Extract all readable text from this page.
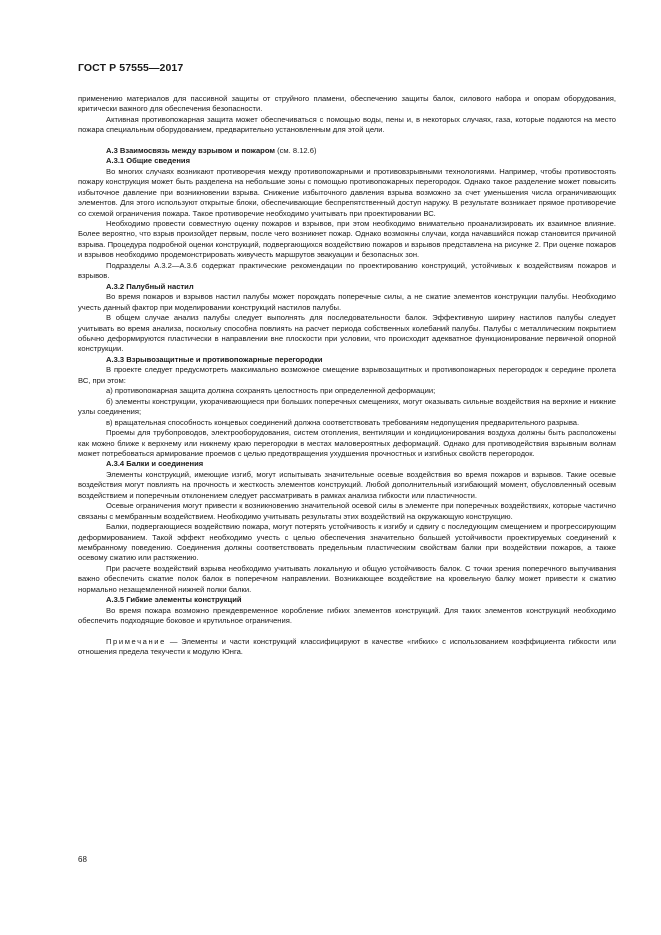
ГОСТ Р 57555—2017

применению материалов для пассивной защиты от струйного пламени, обеспечению защиты балок, силового набора и опорам оборудования, критически важного для обеспечения безопасности.

Активная противопожарная защита может обеспечиваться с помощью воды, пены и, в некоторых случаях, газа, которые подаются на место пожара специальным оборудованием, предварительно установленным для этой цели.

А.3 Взаимосвязь между взрывом и пожаром (см. 8.12.6)

А.3.1 Общие сведения

Во многих случаях возникают противоречия между противопожарными и противовзрывными технологиями. Например, чтобы противостоять пожару конструкция может быть разделена на небольшие зоны с помощью противопожарных перегородок. Однако такое разделение может повысить избыточное давление при возникновении взрыва. Снижение избыточного давления взрыва возможно за счет уменьшения числа ограничивающих элементов. Для этого используют открытые блоки, обеспечивающие беспрепятственный доступ наружу. В результате возникает прямое противоречие со схемой ограничения пожара. Такое противоречие необходимо учитывать при проектировании ВС.

Необходимо провести совместную оценку пожаров и взрывов, при этом необходимо внимательно проанализировать их взаимное влияние. Более вероятно, что взрыв произойдет первым, после чего возникнет пожар. Однако возможны случаи, когда начавшийся пожар становится причиной взрыва. Процедура подробной оценки конструкций, подвергающихся воздействию пожаров и взрывов представлена на рисунке 2. При оценке пожаров и взрывов необходимо продемонстрировать живучесть маршрутов эвакуации и безопасных зон.

Подразделы А.3.2—А.3.6 содержат практические рекомендации по проектированию конструкций, устойчивых к воздействиям пожаров и взрывов.

А.3.2 Палубный настил

Во время пожаров и взрывов настил палубы может порождать поперечные силы, а не сжатие элементов конструкции палубы. Необходимо учесть данный фактор при моделировании конструкций настилов палубы.

В общем случае анализ палубы следует выполнять для последовательности балок. Эффективную ширину настилов палубы следует учитывать во время анализа, поскольку способна повлиять на расчет периода собственных колебаний палубы. Палубы с металлическим покрытием обычно деформируются пластически в направлении вне плоскости при условии, что происходит адекватное функционирование первичной опорной конструкции.

А.3.3 Взрывозащитные и противопожарные перегородки

В проекте следует предусмотреть максимально возможное смещение взрывозащитных и противопожарных перегородок к середине пролета ВС, при этом:

а) противопожарная защита должна сохранять целостность при определенной деформации;

б) элементы конструкции, укорачивающиеся при больших поперечных смещениях, могут оказывать сильные воздействия на верхние и нижние узлы соединения;

в) вращательная способность концевых соединений должна соответствовать требованиям недопущения предварительного разрыва.

Проемы для трубопроводов, электрооборудования, систем отопления, вентиляции и кондиционирования воздуха должны быть расположены как можно ближе к верхнему или нижнему краю перегородки в местах маловероятных деформаций. Однако для противодействия взрывным волнам может потребоваться армирование проемов с целью предотвращения ухудшения прочностных и изгибных свойств перегородок.

А.3.4 Балки и соединения

Элементы конструкций, имеющие изгиб, могут испытывать значительные осевые воздействия во время пожаров и взрывов. Такие осевые воздействия могут повлиять на прочность и жесткость элементов конструкций. Любой дополнительный изгибающий момент, обусловленный осевым воздействием и поперечным отклонением следует рассматривать в рамках анализа гибкости или пластичности.

Осевые ограничения могут привести к возникновению значительной осевой силы в элементе при поперечных воздействиях, которые частично связаны с мембранным воздействием. Необходимо учитывать результаты этих воздействий на окружающую конструкцию.

Балки, подвергающиеся воздействию пожара, могут потерять устойчивость к изгибу и сдвигу с последующим смещением и прогрессирующим деформированием. Такой эффект необходимо учесть с целью обеспечения значительно большей устойчивости проектируемых соединений к мембранному поведению. Соединения должны соответствовать предельным пластическим свойствам балки при воздействии пожаров, а также осевому сжатию или растяжению.

При расчете воздействий взрыва необходимо учитывать локальную и общую устойчивость балок. С точки зрения поперечного выпучивания важно обеспечить сжатие полок балок в поперечном направлении. Возникающее воздействие на кровельную балку может привести к сжатию нормально незащемленной нижней полки балки.

А.3.5 Гибкие элементы конструкций

Во время пожара возможно преждевременное коробление гибких элементов конструкций. Для таких элементов конструкций необходимо обеспечить подходящие боковое и крутильное ограничения.

Примечание — Элементы и части конструкций классифицируют в качестве «гибких» с использованием коэффициента гибкости или отношения предела текучести к модулю Юнга.

68
